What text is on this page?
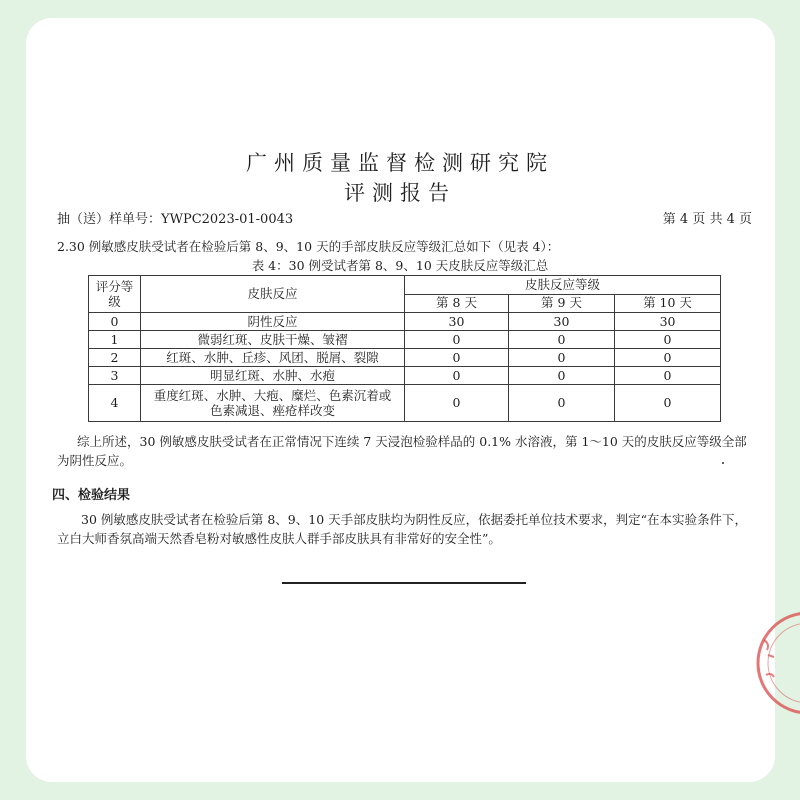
广州质量监督检测研究院
评测报告
抽（送）样单号：YWPC2023-01-0043	第 4 页 共 4 页
2.30 例敏感皮肤受试者在检验后第 8、9、10 天的手部皮肤反应等级汇总如下（见表 4）：
表 4：30 例受试者第 8、9、10 天皮肤反应等级汇总
评分等级	皮肤反应	皮肤反应等级		
		第 8 天	第 9 天	第 10 天
0	阴性反应	30	30	30
1	微弱红斑、皮肤干燥、皱褶	0	0	0
2	红斑、水肿、丘疹、风团、脱屑、裂隙	0	0	0
3	明显红斑、水肿、水疱	0	0	0
4	重度红斑、水肿、大疱、糜烂、色素沉着或色素减退、痤疮样改变	0	0	0
综上所述，30 例敏感皮肤受试者在正常情况下连续 7 天浸泡检验样品的 0.1% 水溶液，第 1～10 天的皮肤反应等级全部为阴性反应。
四、检验结果
30 例敏感皮肤受试者在检验后第 8、9、10 天手部皮肤均为阴性反应，依据委托单位技术要求，判定“在本实验条件下，立白大师香氛高端天然香皂粉对敏感性皮肤人群手部皮肤具有非常好的安全性”。
